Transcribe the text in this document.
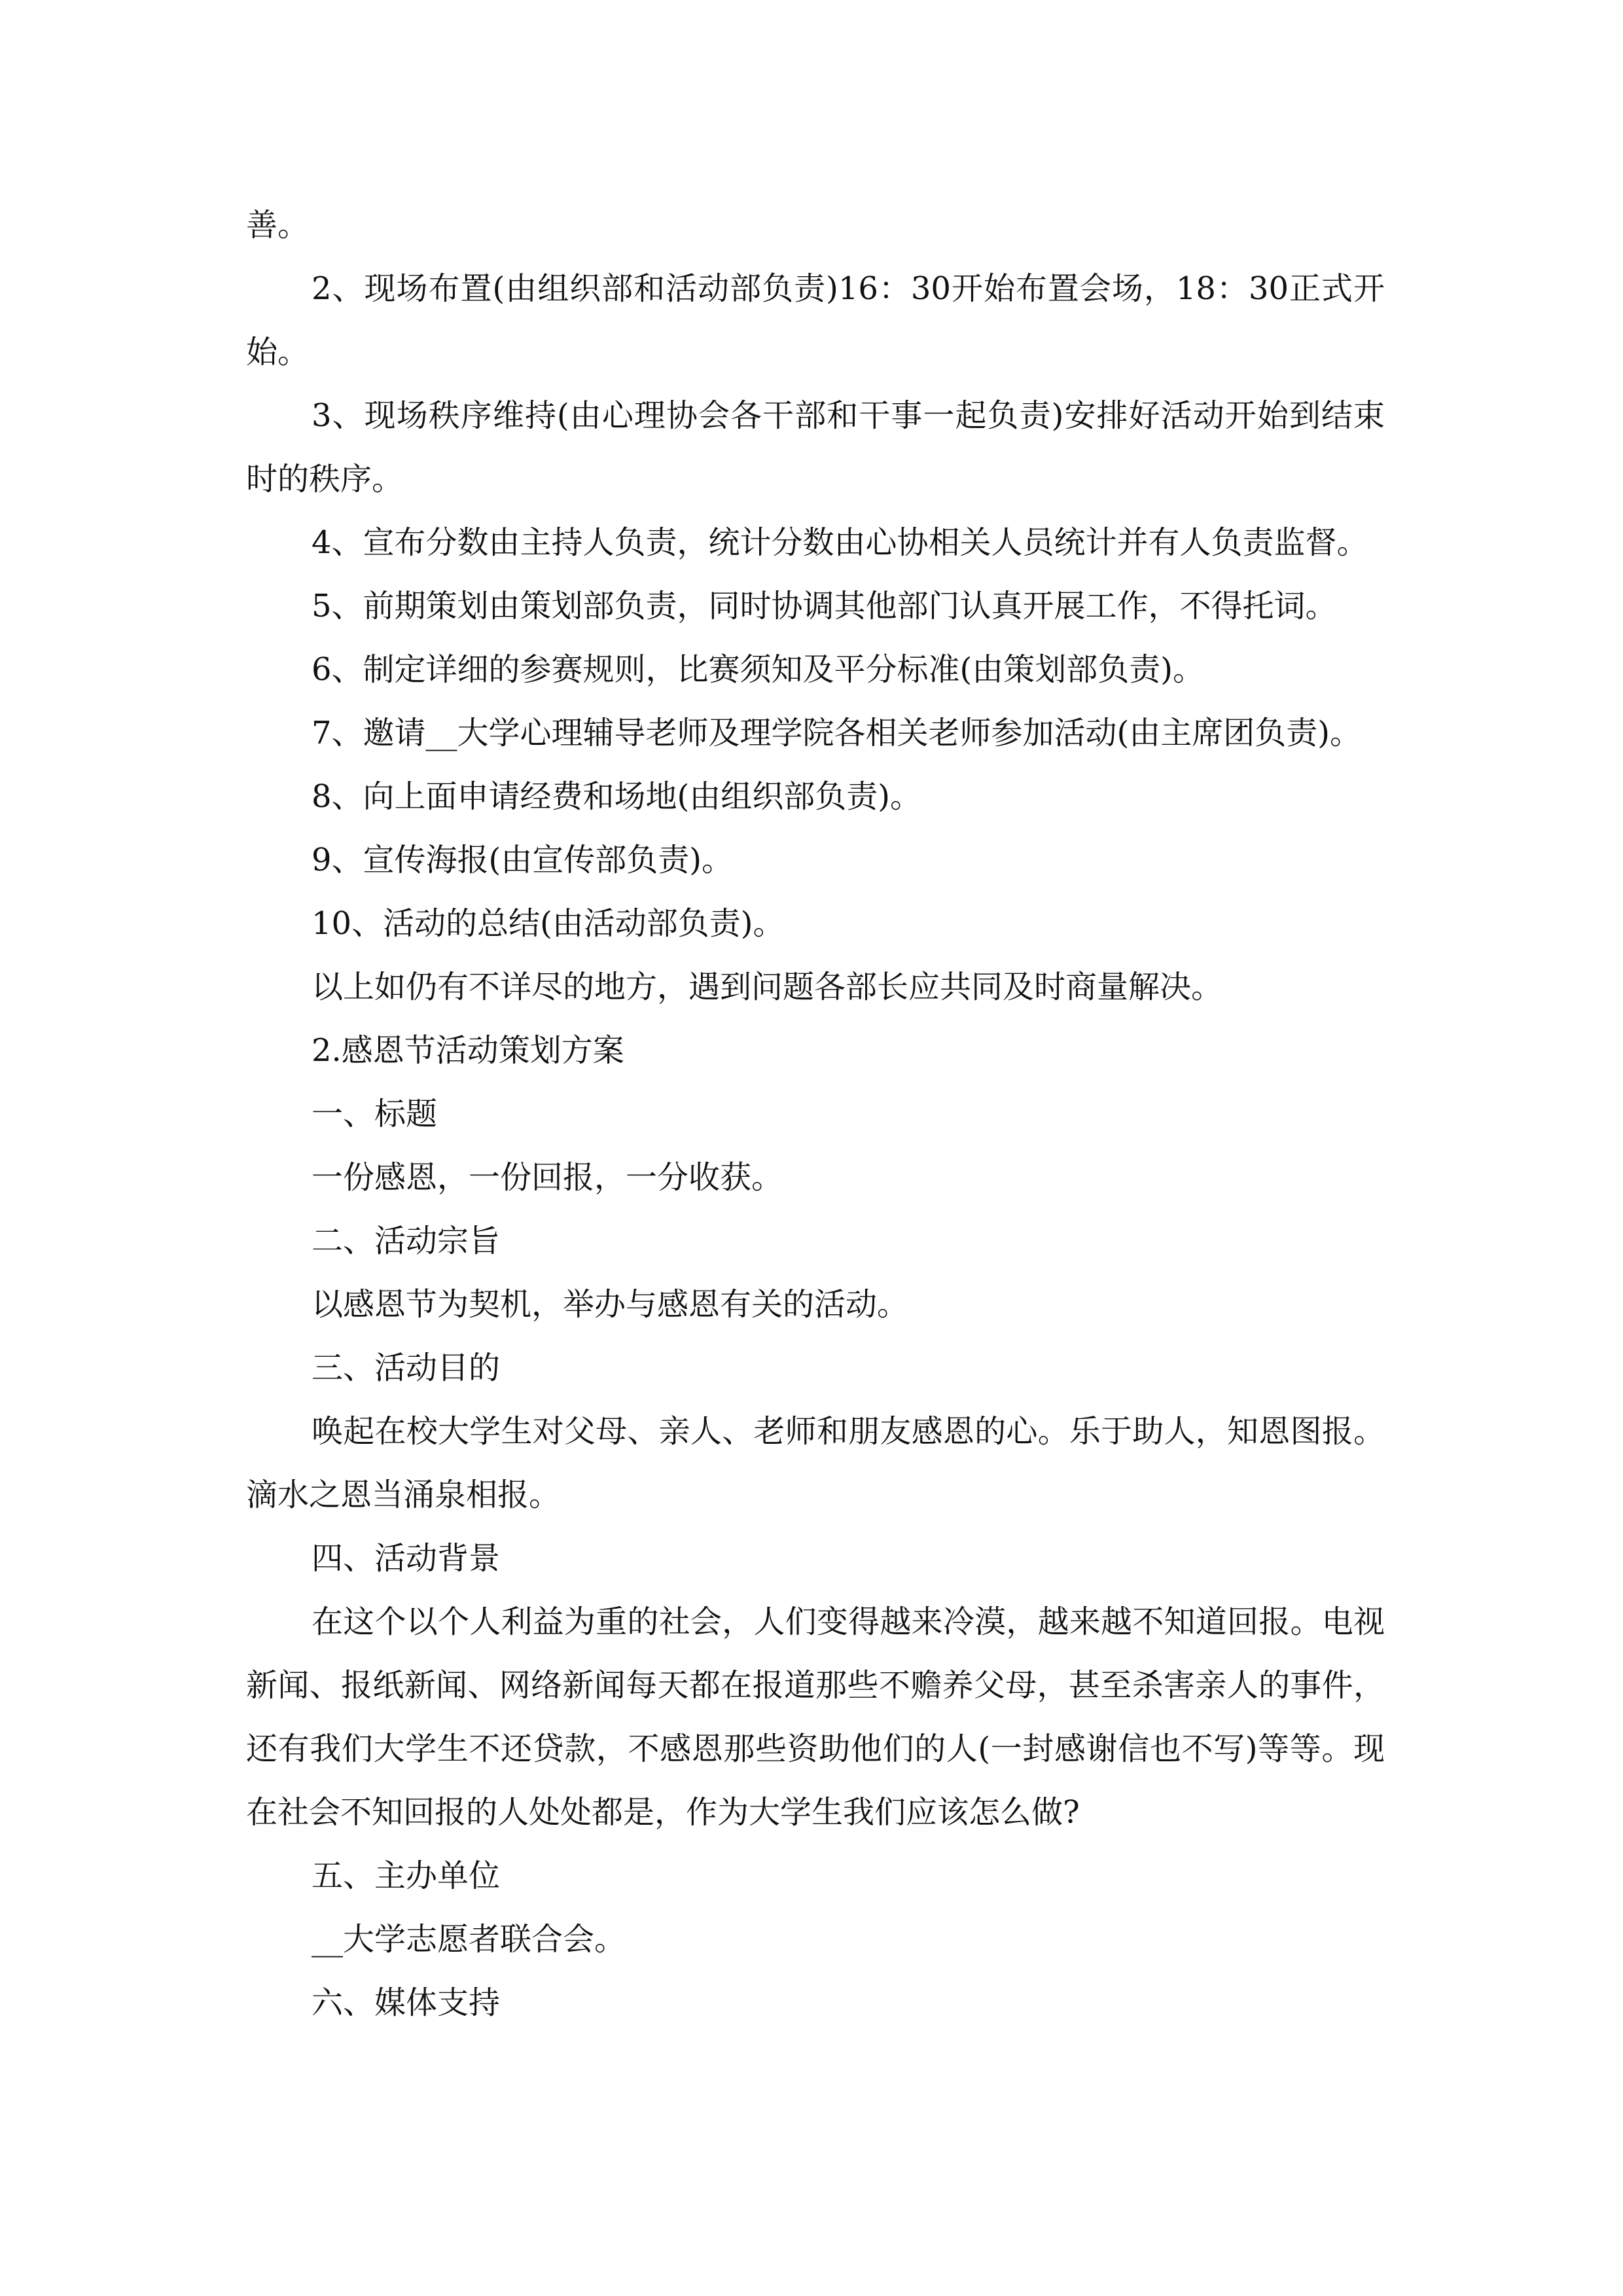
善。

2、现场布置(由组织部和活动部负责)16：30开始布置会场，18：30正式开始。

3、现场秩序维持(由心理协会各干部和干事一起负责)安排好活动开始到结束时的秩序。

4、宣布分数由主持人负责，统计分数由心协相关人员统计并有人负责监督。

5、前期策划由策划部负责，同时协调其他部门认真开展工作，不得托词。

6、制定详细的参赛规则，比赛须知及平分标准(由策划部负责)。

7、邀请__大学心理辅导老师及理学院各相关老师参加活动(由主席团负责)。

8、向上面申请经费和场地(由组织部负责)。

9、宣传海报(由宣传部负责)。

10、活动的总结(由活动部负责)。

以上如仍有不详尽的地方，遇到问题各部长应共同及时商量解决。

2.感恩节活动策划方案

一、标题

一份感恩，一份回报，一分收获。

二、活动宗旨

以感恩节为契机，举办与感恩有关的活动。

三、活动目的

唤起在校大学生对父母、亲人、老师和朋友感恩的心。乐于助人，知恩图报。滴水之恩当涌泉相报。

四、活动背景

在这个以个人利益为重的社会，人们变得越来冷漠，越来越不知道回报。电视新闻、报纸新闻、网络新闻每天都在报道那些不赡养父母，甚至杀害亲人的事件，还有我们大学生不还贷款，不感恩那些资助他们的人(一封感谢信也不写)等等。现在社会不知回报的人处处都是，作为大学生我们应该怎么做?

五、主办单位

__大学志愿者联合会。

六、媒体支持
